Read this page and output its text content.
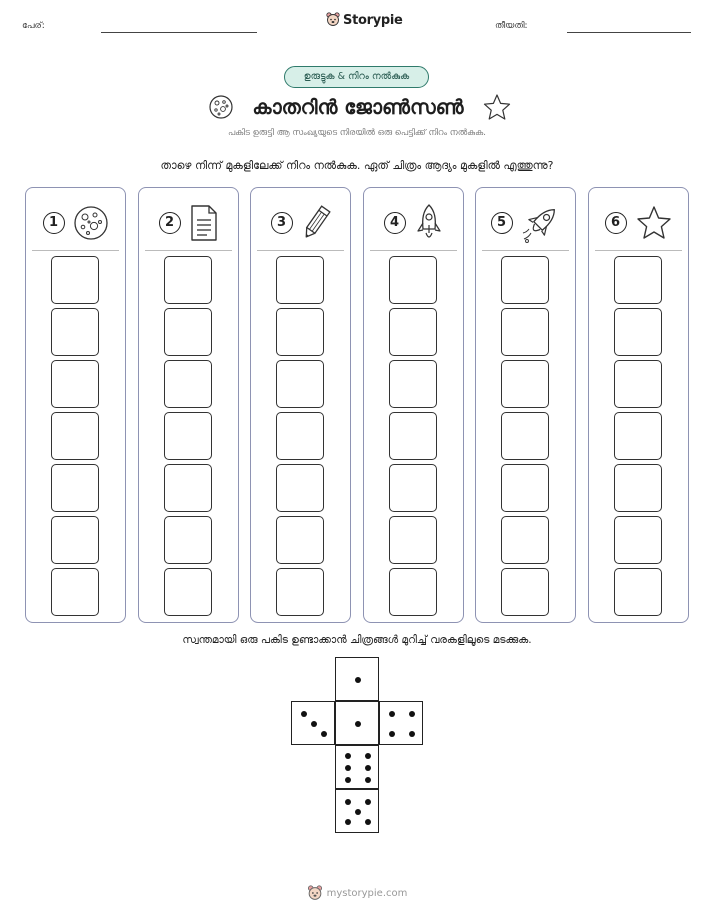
പേര്:	Storypie	തീയതി:
ഉരുട്ടുക & നിറം നൽകുക
കാതറിൻ ജോൺസൺ
പകിട ഉരുട്ടി ആ സംഖ്യയുടെ നിരയിൽ ഒരു പെട്ടിക്ക് നിറം നൽകുക.
താഴെ നിന്ന് മുകളിലേക്ക് നിറം നൽകുക. ഏത് ചിത്രം ആദ്യം മുകളിൽ എത്തുന്നു?
1	2	3	4	5	6
സ്വന്തമായി ഒരു പകിട ഉണ്ടാക്കാൻ ചിത്രങ്ങൾ മുറിച്ച് വരകളിലൂടെ മടക്കുക.
mystorypie.com
